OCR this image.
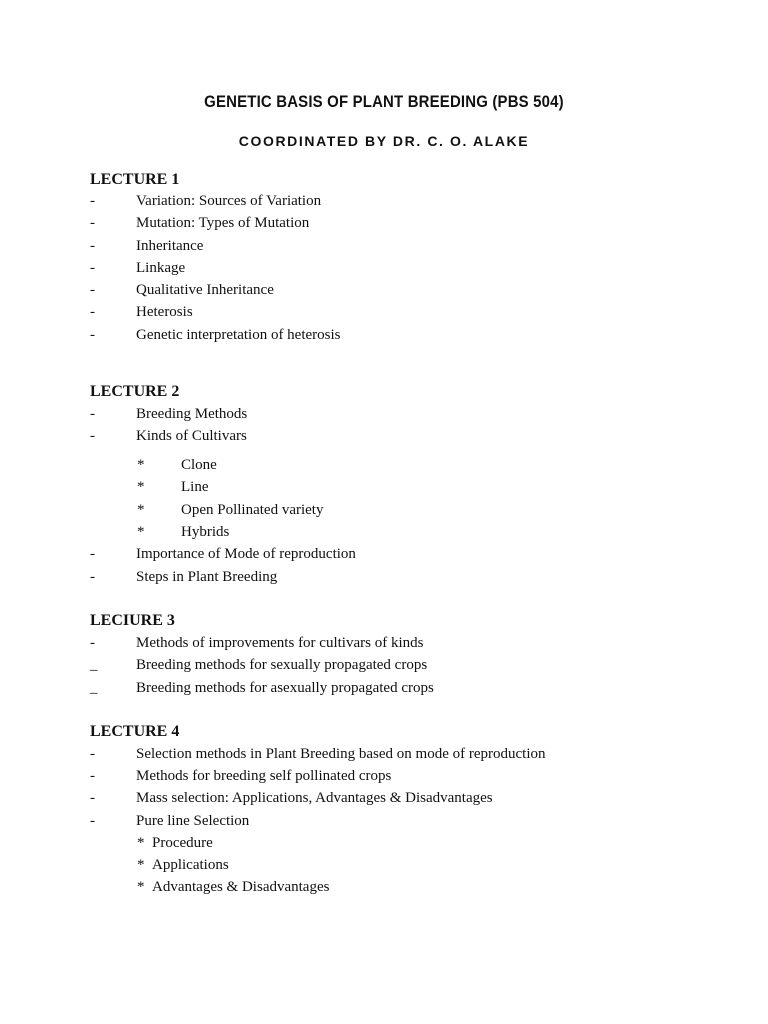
GENETIC BASIS OF PLANT BREEDING (PBS 504)
COORDINATED BY DR. C. O. ALAKE
LECTURE 1
-	Variation: Sources of Variation
-	Mutation: Types of Mutation
-	Inheritance
-	Linkage
-	Qualitative Inheritance
-	Heterosis
-	Genetic interpretation of heterosis
LECTURE 2
-	Breeding Methods
-	Kinds of Cultivars
* Clone
* Line
* Open Pollinated variety
* Hybrids
-	Importance of Mode of reproduction
-	Steps in Plant Breeding
LECIURE 3
-	Methods of improvements for cultivars of kinds
_	Breeding methods for sexually propagated crops
_	Breeding methods for asexually propagated crops
LECTURE 4
-	Selection methods in Plant Breeding based on mode of reproduction
-	Methods for breeding self pollinated crops
-	Mass selection: Applications, Advantages & Disadvantages
-	Pure line Selection
* Procedure
* Applications
* Advantages & Disadvantages
